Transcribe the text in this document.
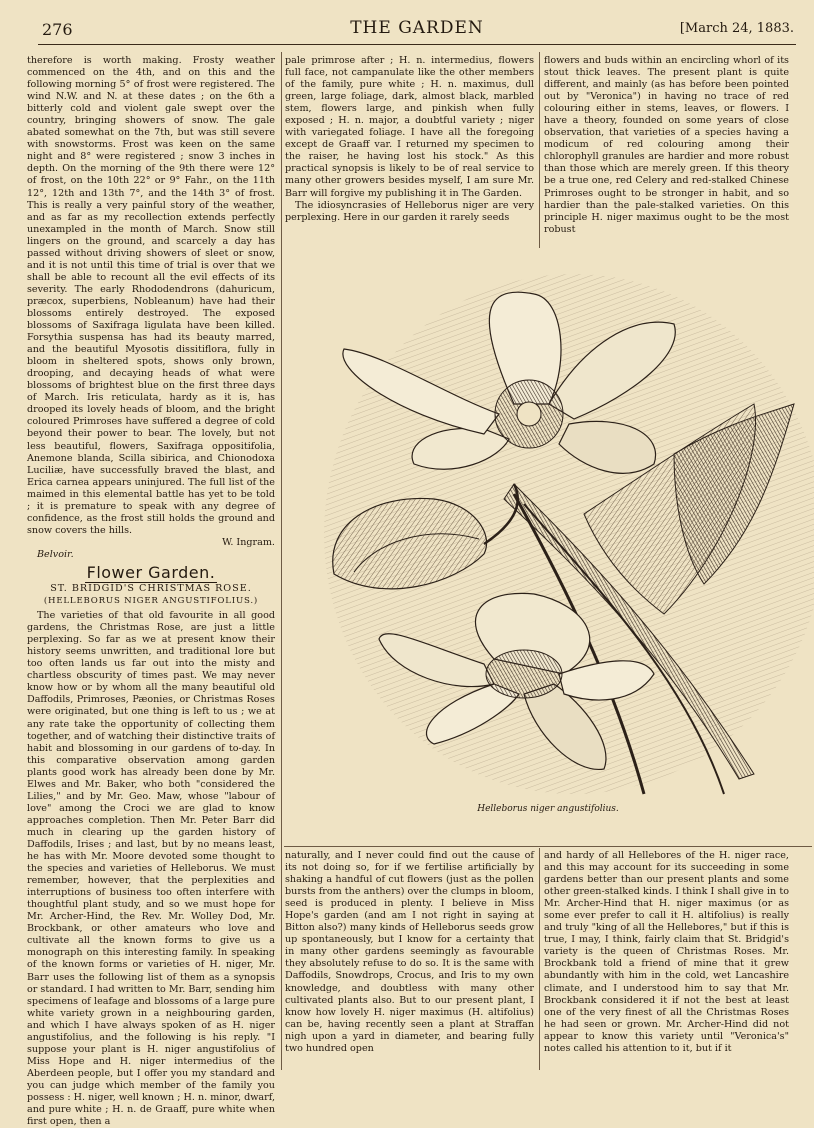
276	THE GARDEN	[March 24, 1883.

therefore is worth making. Frosty weather commenced on the 4th, and on this and the following morning 5° of frost were registered. The wind N.W. and N. at these dates ; on the 6th a bitterly cold and violent gale swept over the country, bringing showers of snow. The gale abated somewhat on the 7th, but was still severe with snowstorms. Frost was keen on the same night and 8° were registered ; snow 3 inches in depth. On the morning of the 9th there were 12° of frost, on the 10th 22° or 9° Fahr., on the 11th 12°, 12th and 13th 7°, and the 14th 3° of frost. This is really a very painful story of the weather, and as far as my recollection extends perfectly unexampled in the month of March. Snow still lingers on the ground, and scarcely a day has passed without driving showers of sleet or snow, and it is not until this time of trial is over that we shall be able to recount all the evil effects of its severity. The early Rhododendrons (dahuricum, præcox, superbiens, Nobleanum) have had their blossoms entirely destroyed. The exposed blossoms of Saxifraga ligulata have been killed. Forsythia suspensa has had its beauty marred, and the beautiful Myosotis dissitiflora, fully in bloom in sheltered spots, shows only brown, drooping, and decaying heads of what were blossoms of brightest blue on the first three days of March. Iris reticulata, hardy as it is, has drooped its lovely heads of bloom, and the bright coloured Primroses have suffered a degree of cold beyond their power to bear. The lovely, but not less beautiful, flowers, Saxifraga oppositifolia, Anemone blanda, Scilla sibirica, and Chionodoxa Luciliæ, have successfully braved the blast, and Erica carnea appears uninjured. The full list of the maimed in this elemental battle has yet to be told ; it is premature to speak with any degree of confidence, as the frost still holds the ground and snow covers the hills.

W. Ingram.
Belvoir.
Flower Garden.
ST. BRIDGID'S CHRISTMAS ROSE.
(HELLEBORUS NIGER ANGUSTIFOLIUS.)

The varieties of that old favourite in all good gardens, the Christmas Rose, are just a little perplexing. So far as we at present know their history seems unwritten, and traditional lore but too often lands us far out into the misty and chartless obscurity of times past. We may never know how or by whom all the many beautiful old Daffodils, Primroses, Pæonies, or Christmas Roses were originated, but one thing is left to us ; we at any rate take the opportunity of collecting them together, and of watching their distinctive traits of habit and blossoming in our gardens of to-day. In this comparative observation among garden plants good work has already been done by Mr. Elwes and Mr. Baker, who both "considered the Lilies," and by Mr. Geo. Maw, whose "labour of love" among the Croci we are glad to know approaches completion. Then Mr. Peter Barr did much in clearing up the garden history of Daffodils, Irises ; and last, but by no means least, he has with Mr. Moore devoted some thought to the species and varieties of Helleborus. We must remember, however, that the perplexities and interruptions of business too often interfere with thoughtful plant study, and so we must hope for Mr. Archer-Hind, the Rev. Mr. Wolley Dod, Mr. Brockbank, or other amateurs who love and cultivate all the known forms to give us a monograph on this interesting family. In speaking of the known forms or varieties of H. niger, Mr. Barr uses the following list of them as a synopsis or standard. I had written to Mr. Barr, sending him specimens of leafage and blossoms of a large pure white variety grown in a neighbouring garden, and which I have always spoken of as H. niger angustifolius, and the following is his reply. "I suppose your plant is H. niger angustifolius of Miss Hope and H. niger intermedius of the Aberdeen people, but I offer you my standard and you can judge which member of the family you possess : H. niger, well known ; H. n. minor, dwarf, and pure white ; H. n. de Graaff, pure white when first open, then a

pale primrose after ; H. n. intermedius, flowers full face, not campanulate like the other members of the family, pure white ; H. n. maximus, dull green, large foliage, dark, almost black, marbled stem, flowers large, and pinkish when fully exposed ; H. n. major, a doubtful variety ; niger with variegated foliage. I have all the foregoing except de Graaff var. I returned my specimen to the raiser, he having lost his stock." As this practical synopsis is likely to be of real service to many other growers besides myself, I am sure Mr. Barr will forgive my publishing it in The Garden.

The idiosyncrasies of Helleborus niger are very perplexing. Here in our garden it rarely seeds

flowers and buds within an encircling whorl of its stout thick leaves. The present plant is quite different, and mainly (as has before been pointed out by "Veronica") in having no trace of red colouring either in stems, leaves, or flowers. I have a theory, founded on some years of close observation, that varieties of a species having a modicum of red colouring among their chlorophyll granules are hardier and more robust than those which are merely green. If this theory be a true one, red Celery and red-stalked Chinese Primroses ought to be stronger in habit, and so hardier than the pale-stalked varieties. On this principle H. niger maximus ought to be the most robust

Helleborus niger angustifolius.

naturally, and I never could find out the cause of its not doing so, for if we fertilise artificially by shaking a handful of cut flowers (just as the pollen bursts from the anthers) over the clumps in bloom, seed is produced in plenty. I believe in Miss Hope's garden (and am I not right in saying at Bitton also?) many kinds of Helleborus seeds grow up spontaneously, but I know for a certainty that in many other gardens seemingly as favourable they absolutely refuse to do so. It is the same with Daffodils, Snowdrops, Crocus, and Iris to my own knowledge, and doubtless with many other cultivated plants also. But to our present plant, I know how lovely H. niger maximus (H. altifolius) can be, having recently seen a plant at Straffan nigh upon a yard in diameter, and bearing fully two hundred open

and hardy of all Hellebores of the H. niger race, and this may account for its succeeding in some gardens better than our present plants and some other green-stalked kinds. I think I shall give in to Mr. Archer-Hind that H. niger maximus (or as some ever prefer to call it H. altifolius) is really and truly "king of all the Hellebores," but if this is true, I may, I think, fairly claim that St. Bridgid's variety is the queen of Christmas Roses. Mr. Brockbank told a friend of mine that it grew abundantly with him in the cold, wet Lancashire climate, and I understood him to say that Mr. Brockbank considered it if not the best at least one of the very finest of all the Christmas Roses he had seen or grown. Mr. Archer-Hind did not appear to know this variety until "Veronica's" notes called his attention to it, but if it
